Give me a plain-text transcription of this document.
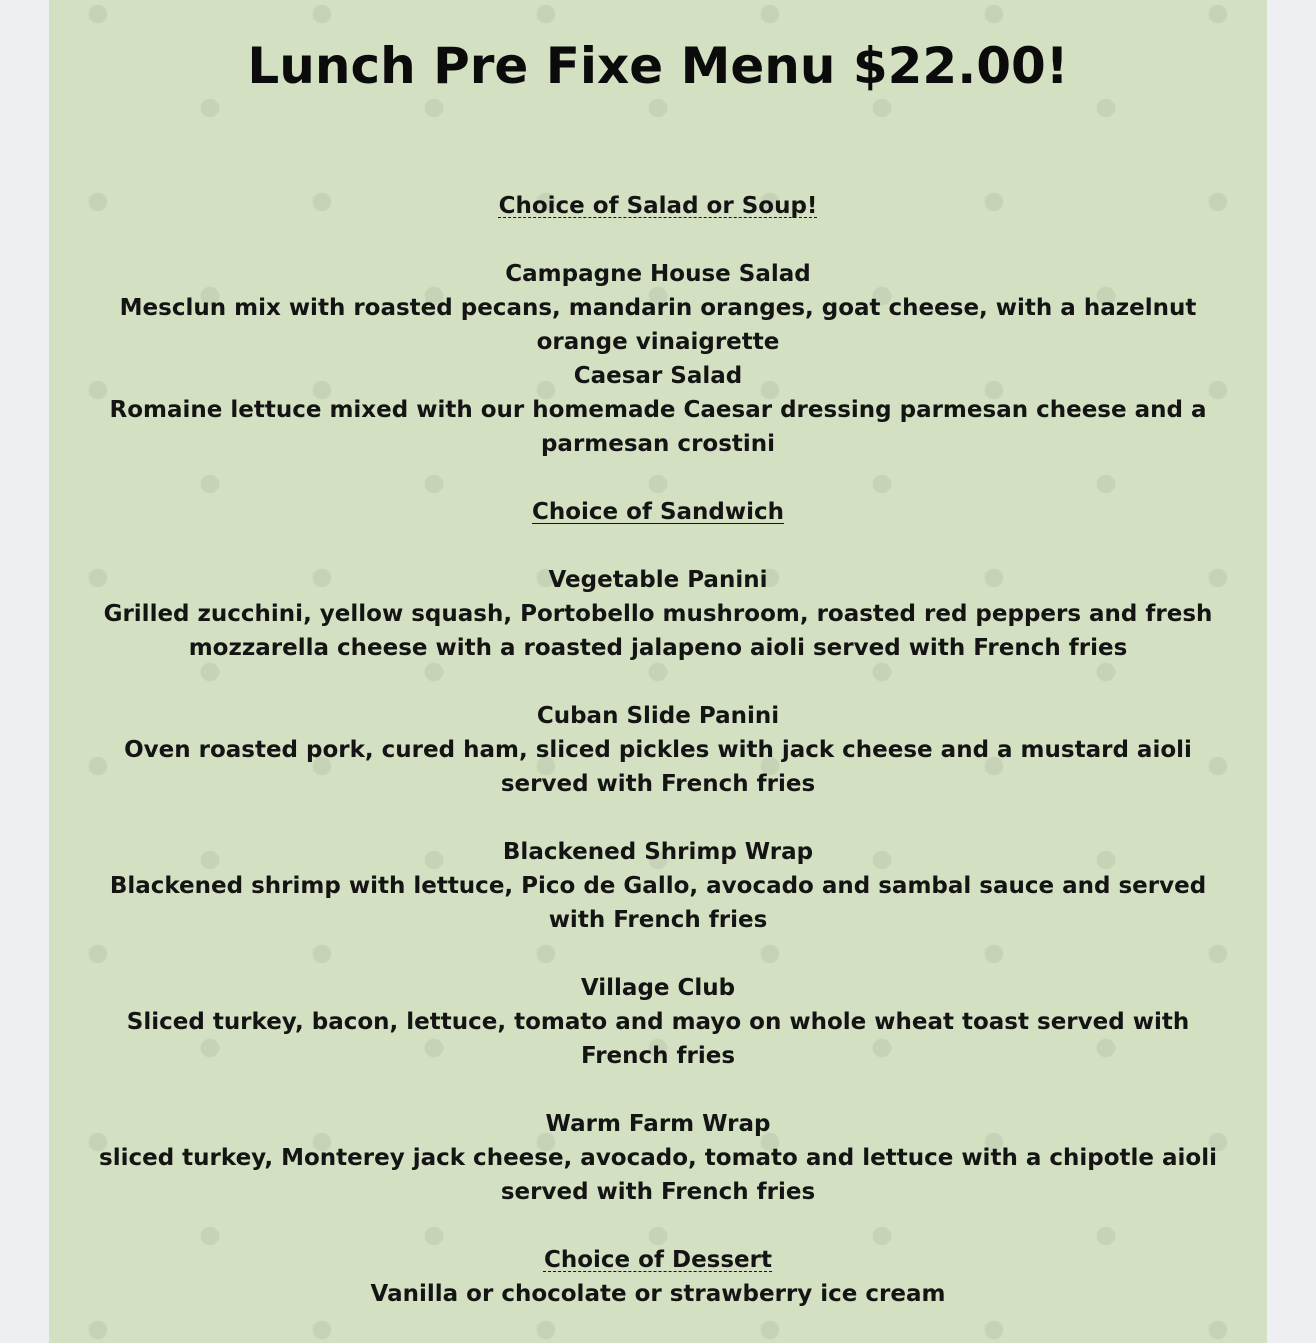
Lunch Pre Fixe Menu $22.00!
Choice of Salad or Soup!
Campagne House Salad
Mesclun mix with roasted pecans, mandarin oranges, goat cheese, with a hazelnut
orange vinaigrette
Caesar Salad
Romaine lettuce mixed with our homemade Caesar dressing parmesan cheese and a
parmesan crostini
Choice of Sandwich
Vegetable Panini
Grilled zucchini, yellow squash, Portobello mushroom, roasted red peppers and fresh
mozzarella cheese with a roasted jalapeno aioli served with French fries
Cuban Slide Panini
Oven roasted pork, cured ham, sliced pickles with jack cheese and a mustard aioli
served with French fries
Blackened Shrimp Wrap
Blackened shrimp with lettuce, Pico de Gallo, avocado and sambal sauce and served
with French fries
Village Club
Sliced turkey, bacon, lettuce, tomato and mayo on whole wheat toast served with
French fries
Warm Farm Wrap
sliced turkey, Monterey jack cheese, avocado, tomato and lettuce with a chipotle aioli
served with French fries
Choice of Dessert
Vanilla or chocolate or strawberry ice cream
